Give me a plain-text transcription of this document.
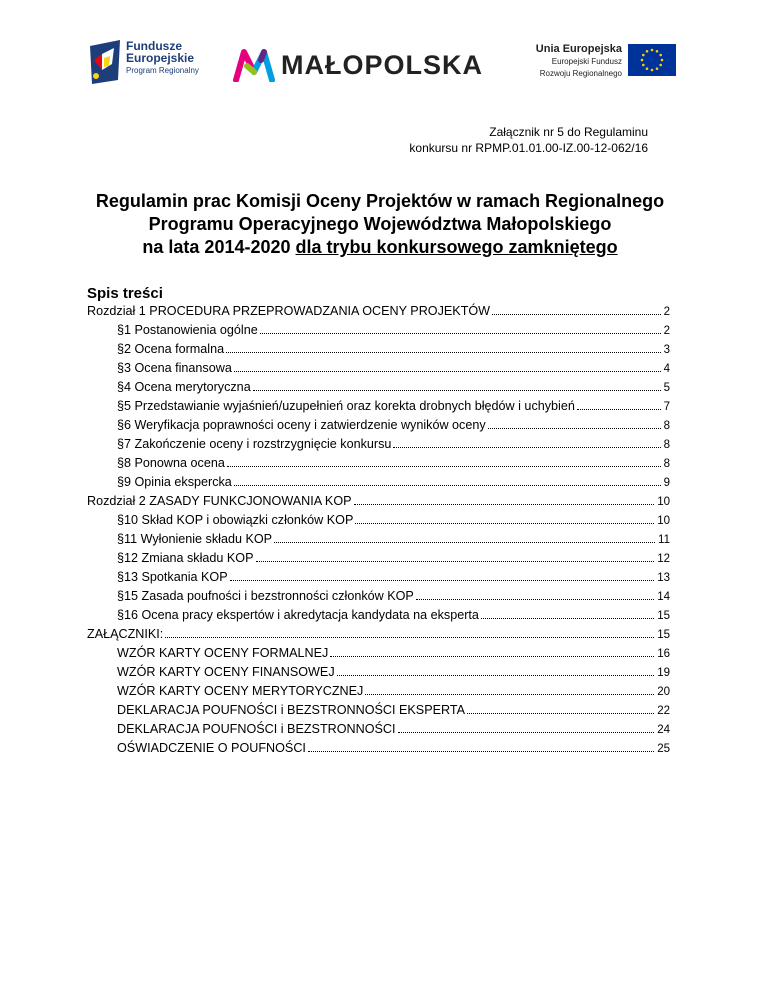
Fundusze
Europejskie
Program Regionalny	MAŁOPOLSKA
Unia Europejska
Europejski Fundusz
Rozwoju Regionalnego
Załącznik nr 5 do Regulaminu
konkursu nr RPMP.01.01.00-IZ.00-12-062/16
Regulamin prac Komisji Oceny Projektów w ramach Regionalnego
Programu Operacyjnego Województwa Małopolskiego
na lata 2014-2020 dla trybu konkursowego zamkniętego
Spis treści
Rozdział 1 PROCEDURA PRZEPROWADZANIA OCENY PROJEKTÓW	2
§1 Postanowienia ogólne	2
§2 Ocena formalna	3
§3 Ocena finansowa	4
§4 Ocena merytoryczna	5
§5 Przedstawianie wyjaśnień/uzupełnień oraz korekta drobnych błędów i uchybień	7
§6 Weryfikacja poprawności oceny i zatwierdzenie wyników oceny	8
§7 Zakończenie oceny i rozstrzygnięcie konkursu	8
§8 Ponowna ocena	8
§9 Opinia ekspercka	9
Rozdział 2 ZASADY FUNKCJONOWANIA KOP	10
§10 Skład KOP i obowiązki członków KOP	10
§11 Wyłonienie składu KOP	11
§12 Zmiana składu KOP	12
§13 Spotkania KOP	13
§15 Zasada poufności i bezstronności członków KOP	14
§16 Ocena pracy ekspertów i akredytacja kandydata na eksperta	15
ZAŁĄCZNIKI:	15
WZÓR KARTY OCENY FORMALNEJ	16
WZÓR KARTY OCENY FINANSOWEJ	19
WZÓR KARTY OCENY MERYTORYCZNEJ	20
DEKLARACJA POUFNOŚCI i BEZSTRONNOŚCI EKSPERTA	22
DEKLARACJA POUFNOŚCI i BEZSTRONNOŚCI	24
OŚWIADCZENIE O POUFNOŚCI	25
